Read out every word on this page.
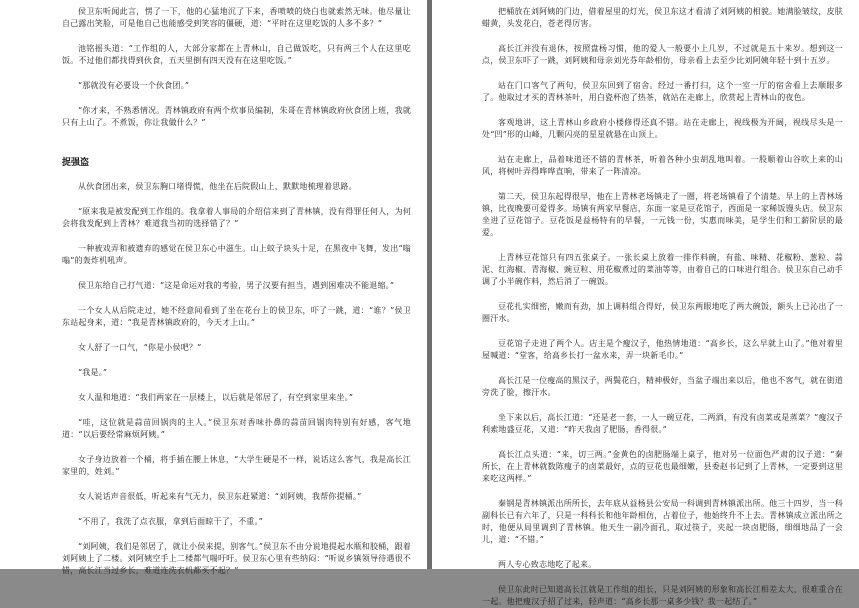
侯卫东听闻此言，愣了一下，他的心猛地沉了下来，香喷喷的烧白也就索然无味。他尽量让自己露出笑脸，可是他自己也能感受到笑容的僵硬，道：“平时在这里吃饭的人多不多？”

池铭摇头道：“工作组的人，大部分家都在上青林山，自己做饭吃，只有两三个人在这里吃饭。不过他们都找得到伙食，五天里倒有四天没有在这里吃饭。”

“那就没有必要设一个伙食团。”

“你才来，不熟悉情况。青林镇政府有两个炊事员编制，朱哥在青林镇政府伙食团上班，我就只有上山了。不煮饭，你让我做什么？”

捉强盗

从伙食团出来，侯卫东胸口堵得慌，他坐在后院假山上，默默地梳理着思路。

“原来我是被发配到工作组的。我拿着人事局的介绍信来到了青林镇，没有得罪任何人，为何会将我发配到上青林？难道我当初的选择错了？”

一种被戏弄和被遗弃的感觉在侯卫东心中滋生。山上蚊子块头十足，在黑夜中飞舞，发出“嗡嗡”的轰炸机吼声。

侯卫东给自己打气道：“这是命运对我的考验，男子汉要有担当，遇到困难决不能退缩。”

一个女人从后院走过，她不经意间看到了坐在花台上的侯卫东，吓了一跳，道：“谁？”侯卫东站起身来，道：“我是青林镇政府的，今天才上山。”

女人舒了一口气，“你是小侯吧？”

“我是。”

女人温和地道：“我们两家在一层楼上，以后就是邻居了，有空到家里来坐。”

“哇，这位就是蒜苗回锅肉的主人。”侯卫东对香味扑鼻的蒜苗回锅肉特别有好感，客气地道：“以后要经常麻烦阿姨。”

女子身边放着一个桶，将手插在腰上休息，“大学生硬是不一样，说话这么客气，我是高长江家里的，姓刘。”

女人说话声音很低，听起来有气无力，侯卫东赶紧道：“刘阿姨，我帮你提桶。”

“不用了，我洗了点衣服，拿到后面晾干了，不重。”

“刘阿姨，我们是邻居了，就让小侯来提，别客气。”侯卫东不由分说地提起水瓶和胶桶，跟着刘阿姨上了二楼。刘阿姨空手上二楼都气喘吁吁。侯卫东心里有些纳闷：“听说乡镇领导待遇很不错，高长江当过乡长，难道连洗衣机都买不起？”

把桶放在刘阿姨的门边，借着屋里的灯光，侯卫东这才看清了刘阿姨的相貌。她满脸皱纹，皮肤蜡黄，头发花白，苍老得厉害。

高长江并没有退休，按照盘杨习惯，他的爱人一般要小上几岁，不过就是五十来岁。想到这一点，侯卫东吓了一跳，刘阿姨和母亲刘光芬年龄相仿，母亲看上去至少比刘阿姨年轻十到十五岁。

站在门口客气了两句，侯卫东回到了宿舍。经过一番打扫，这个一室一厅的宿舍看上去顺眼多了。他取过才买的青林茶叶，用白瓷杯泡了热茶，就站在走廊上，欣赏起上青林山的夜色。

客观地讲，这上青林山乡政府小楼修得还真不错。站在走廊上，视线极为开阔，视线尽头是一处“凹”形的山峰，几颗闪亮的星星就悬在山顶上。

站在走廊上，品着味道还不错的青林茶，听着各种小虫胡乱地叫着。一股顺着山谷吹上来的山风，将树叶弄得哗哗直响，带来了一阵清凉。

第二天，侯卫东起得很早，他在上青林老场镇走了一圈，将老场镇看了个清楚。早上的上青林场镇，比夜晚要可爱得多。场镇有两家早餐店，东面一家是豆花馆子，西面是一家稀饭馒头店。侯卫东坐进了豆花馆子。豆花饭是益杨特有的早餐，一元钱一份，实惠而味美，是学生们和工薪阶层的最爱。

上青林豆花馆只有四五张桌子。一张长桌上放着一排作料碗，有盐、味精、花椒粉、葱粒、蒜泥、红海椒、青海椒、豌豆粒、用花椒煮过的菜油等等，由着自己的口味进行组合。侯卫东自己动手调了小半碗作料，然后消了一碗饭。

豆花扎实细密，嫩而有劲，加上调料组合得好，侯卫东两眼地吃了两大碗饭，额头上已沁出了一圈汗水。

豆花馆子走进了两个人。店主是个瘦汉子，他热情地道：“高乡长，这么早就上山了。”他对着里屋喊道：“堂客，给高乡长打一盆水来，弄一块新毛巾。”

高长江是一位瘦高的黑汉子，两鬓花白，精神极好，当盆子端出来以后，他也不客气，就在街道旁洗了脸，擦汗水。

坐下来以后，高长江道：“还是老一套，一人一碗豆花，二两酒，有没有卤菜或是蒸菜？”瘦汉子利索地盛豆花，又道：“昨天我卤了肥肠，香得很。”

高长江点头道：“来，切三两。”金黄色的卤肥肠端上桌子，他对另一位面色严肃的汉子道：“秦所长，在上青林就数陈瘦子的卤菜最好，点的豆花也最细嫩，县委赵书记到了上青林，一定要到这里来吃这两样。”

秦钢是青林镇派出所所长，去年底从益杨县公安局一科调到青林镇派出所。他三十四岁，当一科副科长已有六年了，只是一科科长和他年龄相仿，占着位子，他始终升不上去。青林镇成立派出所之时，他便从局里调到了青林镇。他天生一副冷面孔，取过筷子，夹起一块卤肥肠，细细地品了一会儿，道：“不错。”

两人专心致志地吃了起来。

侯卫东此时已知道高长江就是工作组的组长，只是刘阿姨的形象和高长江相差太大，很难重合在一起。他把瘦汉子招了过来，轻声道：“高乡长那一桌多少钱？我一起结了。”
